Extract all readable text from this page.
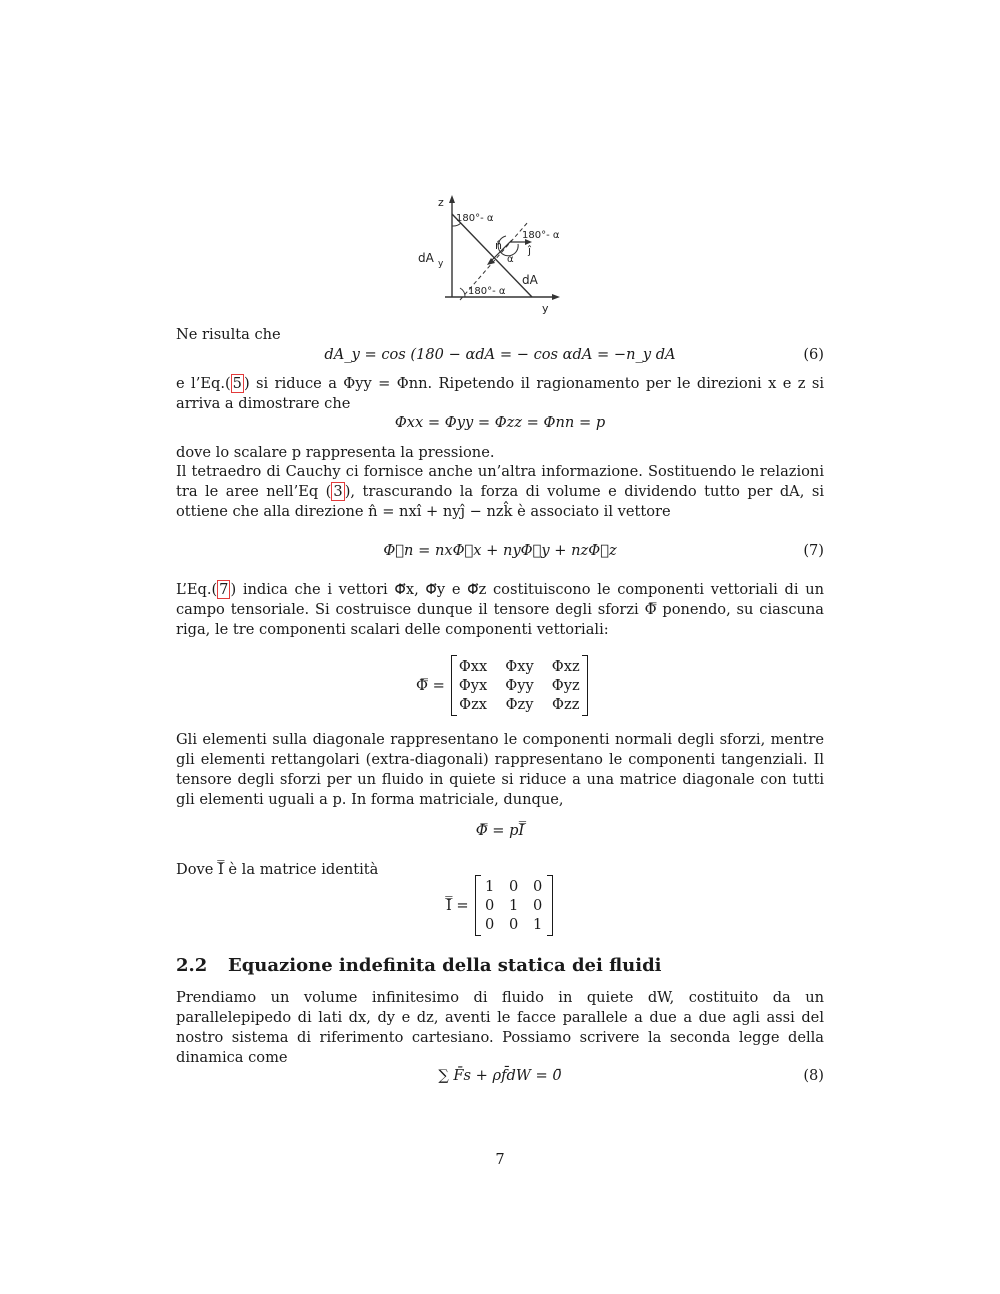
z
y
180°- α
180°- α
180°- α
α
n̂ ĵ
dA y
dA

Ne risulta che

dA_y = cos (180 − αdA = − cos αdA = −n_y dA	(6)

e l’Eq.( 5 ) si riduce a Φyy = Φnn. Ripetendo il ragionamento per le direzioni x e z si arriva a dimostrare che

Φxx = Φyy = Φzz = Φnn = p

dove lo scalare p rappresenta la pressione.

Il tetraedro di Cauchy ci fornisce anche un’altra informazione. Sostituendo le relazioni tra le aree nell’Eq ( 3 ), trascurando la forza di volume e dividendo tutto per dA, si ottiene che alla direzione n̂ = nxî + nyĵ − nzk̂ è associato il vettore

Φ⃗n = nxΦ⃗x + nyΦ⃗y + nzΦ⃗z	(7)

L’Eq.( 7 ) indica che i vettori Φ⃗x, Φ⃗y e Φ⃗z costituiscono le componenti vettoriali di un campo tensoriale. Si costruisce dunque il tensore degli sforzi Φ̿ ponendo, su ciascuna riga, le tre componenti scalari delle componenti vettoriali:

Φ̿ =
Φxx Φxy Φxz
Φyx Φyy Φyz
Φzx Φzy Φzz

Gli elementi sulla diagonale rappresentano le componenti normali degli sforzi, mentre gli elementi rettangolari (extra-diagonali) rappresentano le componenti tangenziali. Il tensore degli sforzi per un fluido in quiete si riduce a una matrice diagonale con tutti gli elementi uguali a p. In forma matriciale, dunque,

Φ̿ = pI̿

Dove I̿ è la matrice identità

I̿ =
1 0 0
0 1 0
0 0 1
2.2 Equazione indefinita della statica dei fluidi

Prendiamo un volume infinitesimo di fluido in quiete dW, costituito da un parallelepipedo di lati dx, dy e dz, aventi le facce parallele a due a due agli assi del nostro sistema di riferimento cartesiano. Possiamo scrivere la seconda legge della dinamica come

∑ F̄s + ρf̄dW = 0̄	(8)
7
